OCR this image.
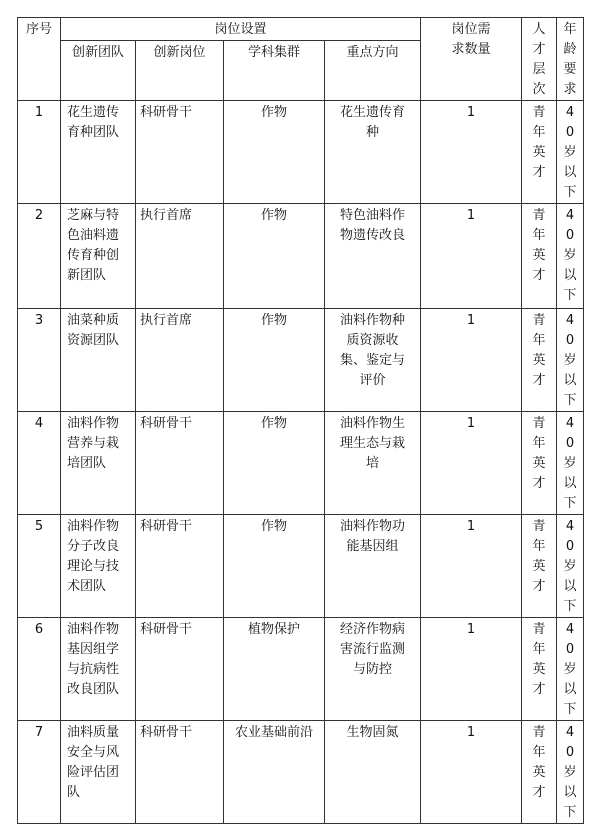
序号	岗位设置				岗位需求数量	人才层次	年龄要求

	创新团队	创新岗位	学科集群	重点方向			

1	花生遗传育种团队	科研骨干	作物	花生遗传育种	1	青年英才	40岁以下

2	芝麻与特色油料遗传育种创新团队	执行首席	作物	特色油料作物遗传改良	1	青年英才	40岁以下

3	油菜种质资源团队	执行首席	作物	油料作物种质资源收集、鉴定与评价	1	青年英才	40岁以下

4	油料作物营养与栽培团队	科研骨干	作物	油料作物生理生态与栽培	1	青年英才	40岁以下

5	油料作物分子改良理论与技术团队	科研骨干	作物	油料作物功能基因组	1	青年英才	40岁以下

6	油料作物基因组学与抗病性改良团队	科研骨干	植物保护	经济作物病害流行监测与防控	1	青年英才	40岁以下

7	油料质量安全与风险评估团队	科研骨干	农业基础前沿	生物固氮	1	青年英才	40岁以下
